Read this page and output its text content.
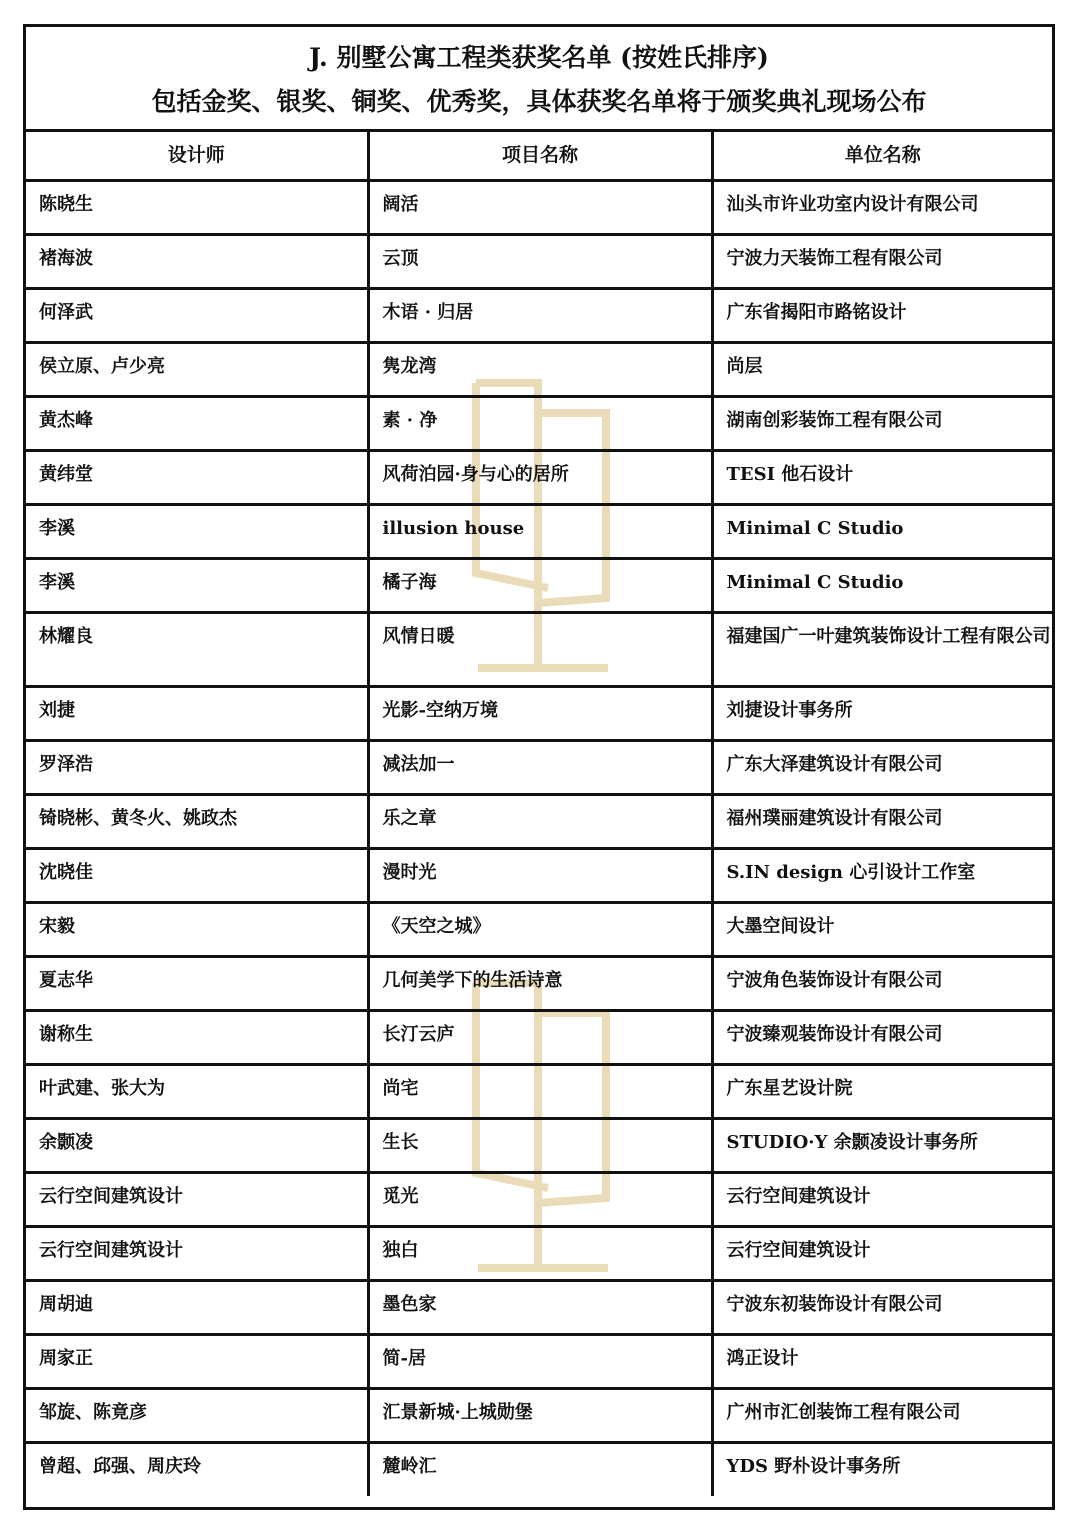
J. 别墅公寓工程类获奖名单 (按姓氏排序)
包括金奖、银奖、铜奖、优秀奖，具体获奖名单将于颁奖典礼现场公布
设计师	项目名称	单位名称
陈晓生	阔活	汕头市许业功室内设计有限公司
褚海波	云顶	宁波力天装饰工程有限公司
何泽武	木语 · 归居	广东省揭阳市路铭设计
侯立原、卢少亮	隽龙湾	尚层
黄杰峰	素 · 净	湖南创彩装饰工程有限公司
黄纬堂	风荷泊园·身与心的居所	TESI 他石设计
李溪	illusion house	Minimal C Studio
李溪	橘子海	Minimal C Studio
林耀良	风情日暖	福建国广一叶建筑装饰设计工程有限公司
刘捷	光影-空纳万境	刘捷设计事务所
罗泽浩	减法加一	广东大泽建筑设计有限公司
锜晓彬、黄冬火、姚政杰	乐之章	福州璞丽建筑设计有限公司
沈晓佳	漫时光	S.IN design 心引设计工作室
宋毅	《天空之城》	大墨空间设计
夏志华	几何美学下的生活诗意	宁波角色装饰设计有限公司
谢称生	长汀云庐	宁波臻观装饰设计有限公司
叶武建、张大为	尚宅	广东星艺设计院
余颢凌	生长	STUDIO·Y 余颢凌设计事务所
云行空间建筑设计	觅光	云行空间建筑设计
云行空间建筑设计	独白	云行空间建筑设计
周胡迪	墨色家	宁波东初装饰设计有限公司
周家正	简-居	鸿正设计
邹旋、陈竟彦	汇景新城·上城勋堡	广州市汇创装饰工程有限公司
曾超、邱强、周庆玲	麓岭汇	YDS 野朴设计事务所
